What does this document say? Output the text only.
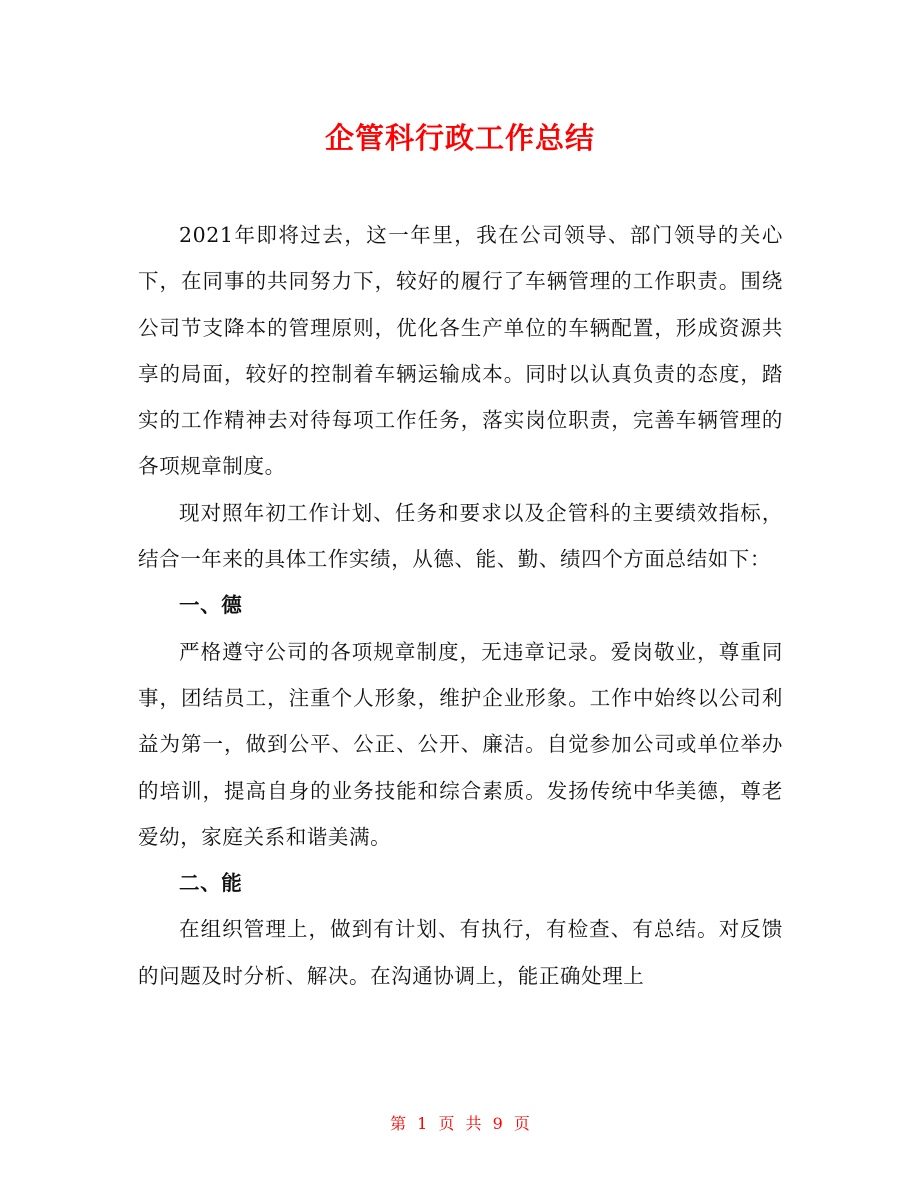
企管科行政工作总结

2021年即将过去，这一年里，我在公司领导、部门领导的关心下，在同事的共同努力下，较好的履行了车辆管理的工作职责。围绕公司节支降本的管理原则，优化各生产单位的车辆配置，形成资源共享的局面，较好的控制着车辆运输成本。同时以认真负责的态度，踏实的工作精神去对待每项工作任务，落实岗位职责，完善车辆管理的各项规章制度。

现对照年初工作计划、任务和要求以及企管科的主要绩效指标，结合一年来的具体工作实绩，从德、能、勤、绩四个方面总结如下：

一、德

严格遵守公司的各项规章制度，无违章记录。爱岗敬业，尊重同事，团结员工，注重个人形象，维护企业形象。工作中始终以公司利益为第一，做到公平、公正、公开、廉洁。自觉参加公司或单位举办的培训，提高自身的业务技能和综合素质。发扬传统中华美德，尊老爱幼，家庭关系和谐美满。

二、能

在组织管理上，做到有计划、有执行，有检查、有总结。对反馈的问题及时分析、解决。在沟通协调上，能正确处理上

第 1 页 共 9 页
